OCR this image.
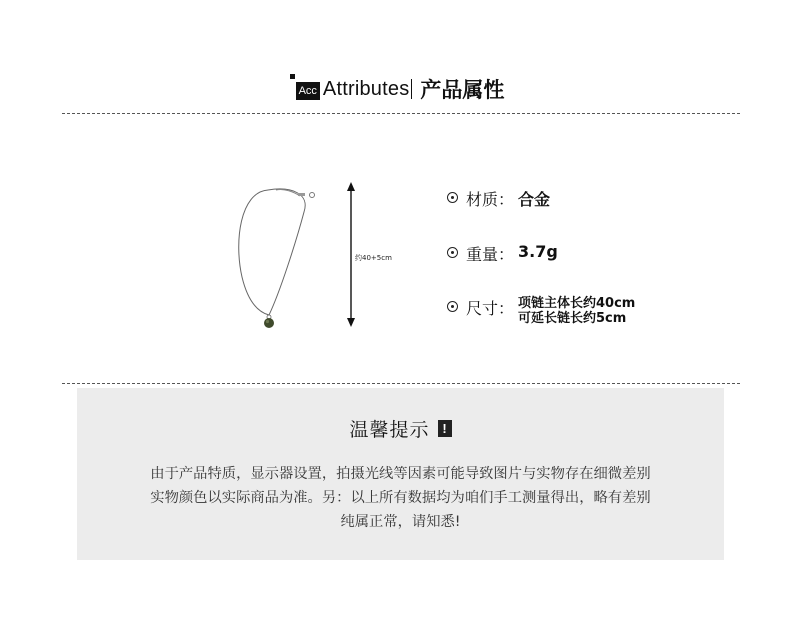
Acc Attributes 产品属性
约40+5cm
材质： 合金
重量： 3.7g
尺寸： 项链主体长约40cm
可延长链长约5cm
温馨提示 !
由于产品特质，显示器设置，拍摄光线等因素可能导致图片与实物存在细微差别
实物颜色以实际商品为准。另：以上所有数据均为咱们手工测量得出，略有差别
纯属正常，请知悉!
